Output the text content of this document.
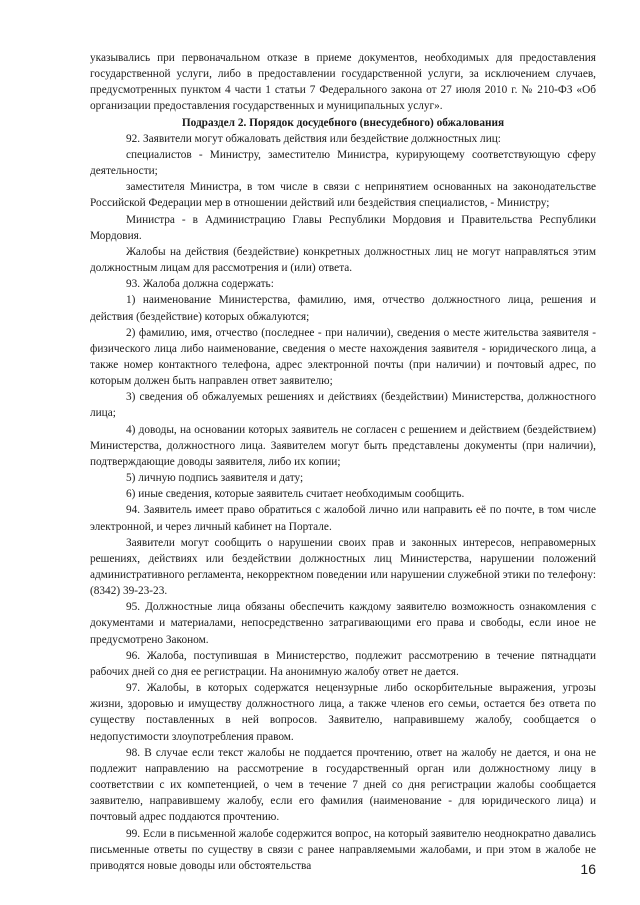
указывались при первоначальном отказе в приеме документов, необходимых для предоставления государственной услуги, либо в предоставлении государственной услуги, за исключением случаев, предусмотренных пунктом 4 части 1 статьи 7 Федерального закона от 27 июля 2010 г. № 210-ФЗ «Об организации предоставления государственных и муниципальных услуг».

Подраздел 2. Порядок досудебного (внесудебного) обжалования

92. Заявители могут обжаловать действия или бездействие должностных лиц:

специалистов - Министру, заместителю Министра, курирующему соответствующую сферу деятельности;

заместителя Министра, в том числе в связи с непринятием основанных на законодательстве Российской Федерации мер в отношении действий или бездействия специалистов, - Министру;

Министра - в Администрацию Главы Республики Мордовия и Правительства Республики Мордовия.

Жалобы на действия (бездействие) конкретных должностных лиц не могут направляться этим должностным лицам для рассмотрения и (или) ответа.

93. Жалоба должна содержать:

1) наименование Министерства, фамилию, имя, отчество должностного лица, решения и действия (бездействие) которых обжалуются;

2) фамилию, имя, отчество (последнее - при наличии), сведения о месте жительства заявителя - физического лица либо наименование, сведения о месте нахождения заявителя - юридического лица, а также номер контактного телефона, адрес электронной почты (при наличии) и почтовый адрес, по которым должен быть направлен ответ заявителю;

3) сведения об обжалуемых решениях и действиях (бездействии) Министерства, должностного лица;

4) доводы, на основании которых заявитель не согласен с решением и действием (бездействием) Министерства, должностного лица. Заявителем могут быть представлены документы (при наличии), подтверждающие доводы заявителя, либо их копии;

5) личную подпись заявителя и дату;

6) иные сведения, которые заявитель считает необходимым сообщить.

94. Заявитель имеет право обратиться с жалобой лично или направить её по почте, в том числе электронной, и через личный кабинет на Портале.

Заявители могут сообщить о нарушении своих прав и законных интересов, неправомерных решениях, действиях или бездействии должностных лиц Министерства, нарушении положений административного регламента, некорректном поведении или нарушении служебной этики по телефону: (8342) 39-23-23.

95. Должностные лица обязаны обеспечить каждому заявителю возможность ознакомления с документами и материалами, непосредственно затрагивающими его права и свободы, если иное не предусмотрено Законом.

96. Жалоба, поступившая в Министерство, подлежит рассмотрению в течение пятнадцати рабочих дней со дня ее регистрации. На анонимную жалобу ответ не дается.

97. Жалобы, в которых содержатся нецензурные либо оскорбительные выражения, угрозы жизни, здоровью и имуществу должностного лица, а также членов его семьи, остается без ответа по существу поставленных в ней вопросов. Заявителю, направившему жалобу, сообщается о недопустимости злоупотребления правом.

98. В случае если текст жалобы не поддается прочтению, ответ на жалобу не дается, и она не подлежит направлению на рассмотрение в государственный орган или должностному лицу в соответствии с их компетенцией, о чем в течение 7 дней со дня регистрации жалобы сообщается заявителю, направившему жалобу, если его фамилия (наименование - для юридического лица) и почтовый адрес поддаются прочтению.

99. Если в письменной жалобе содержится вопрос, на который заявителю неоднократно давались письменные ответы по существу в связи с ранее направляемыми жалобами, и при этом в жалобе не приводятся новые доводы или обстоятельства	16
